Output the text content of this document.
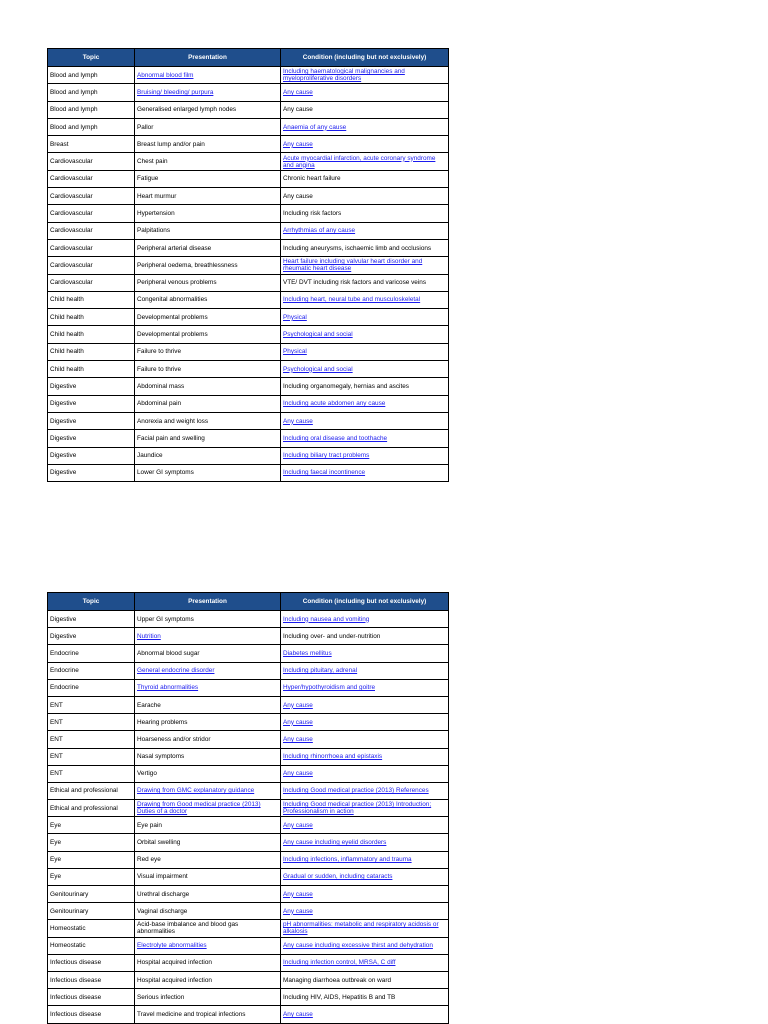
Topic	Presentation	Condition (including but not exclusively)
Blood and lymph	Abnormal blood film	Including haematological malignancies and myeloproliferative disorders
Blood and lymph	Bruising/ bleeding/ purpura	Any cause
Blood and lymph	Generalised enlarged lymph nodes	Any cause
Blood and lymph	Pallor	Anaemia of any cause
Breast	Breast lump and/or pain	Any cause
Cardiovascular	Chest pain	Acute myocardial infarction, acute coronary syndrome and angina
Cardiovascular	Fatigue	Chronic heart failure
Cardiovascular	Heart murmur	Any cause
Cardiovascular	Hypertension	Including risk factors
Cardiovascular	Palpitations	Arrhythmias of any cause
Cardiovascular	Peripheral arterial disease	Including aneurysms, ischaemic limb and occlusions
Cardiovascular	Peripheral oedema, breathlessness	Heart failure including valvular heart disorder and rheumatic heart disease
Cardiovascular	Peripheral venous problems	VTE/ DVT including risk factors and varicose veins
Child health	Congenital abnormalities	Including heart, neural tube and musculoskeletal
Child health	Developmental problems	Physical
Child health	Developmental problems	Psychological and social
Child health	Failure to thrive	Physical
Child health	Failure to thrive	Psychological and social
Digestive	Abdominal mass	Including organomegaly, hernias and ascites
Digestive	Abdominal pain	Including acute abdomen any cause
Digestive	Anorexia and weight loss	Any cause
Digestive	Facial pain and swelling	Including oral disease and toothache
Digestive	Jaundice	Including biliary tract problems
Digestive	Lower GI symptoms	Including faecal incontinence
Topic	Presentation	Condition (including but not exclusively)
Digestive	Upper GI symptoms	Including nausea and vomiting
Digestive	Nutrition	Including over- and under-nutrition
Endocrine	Abnormal blood sugar	Diabetes mellitus
Endocrine	General endocrine disorder	Including pituitary, adrenal
Endocrine	Thyroid abnormalities	Hyper/hypothyroidism and goitre
ENT	Earache	Any cause
ENT	Hearing problems	Any cause
ENT	Hoarseness and/or stridor	Any cause
ENT	Nasal symptoms	Including rhinorrhoea and epistaxis
ENT	Vertigo	Any cause
Ethical and professional	Drawing from GMC explanatory guidance	Including Good medical practice (2013) References
Ethical and professional	Drawing from Good medical practice (2013) Duties of a doctor	Including Good medical practice (2013) Introduction; Professionalism in action
Eye	Eye pain	Any cause
Eye	Orbital swelling	Any cause including eyelid disorders
Eye	Red eye	Including infections, inflammatory and trauma
Eye	Visual impairment	Gradual or sudden, including cataracts
Genitourinary	Urethral discharge	Any cause
Genitourinary	Vaginal discharge	Any cause
Homeostatic	Acid-base imbalance and blood gas abnormalities	pH abnormalities: metabolic and respiratory acidosis or alkalosis
Homeostatic	Electrolyte abnormalities	Any cause including excessive thirst and dehydration
Infectious disease	Hospital acquired infection	Including infection control, MRSA, C diff
Infectious disease	Hospital acquired infection	Managing diarrhoea outbreak on ward
Infectious disease	Serious infection	Including HIV, AIDS, Hepatitis B and TB
Infectious disease	Travel medicine and tropical infections	Any cause
